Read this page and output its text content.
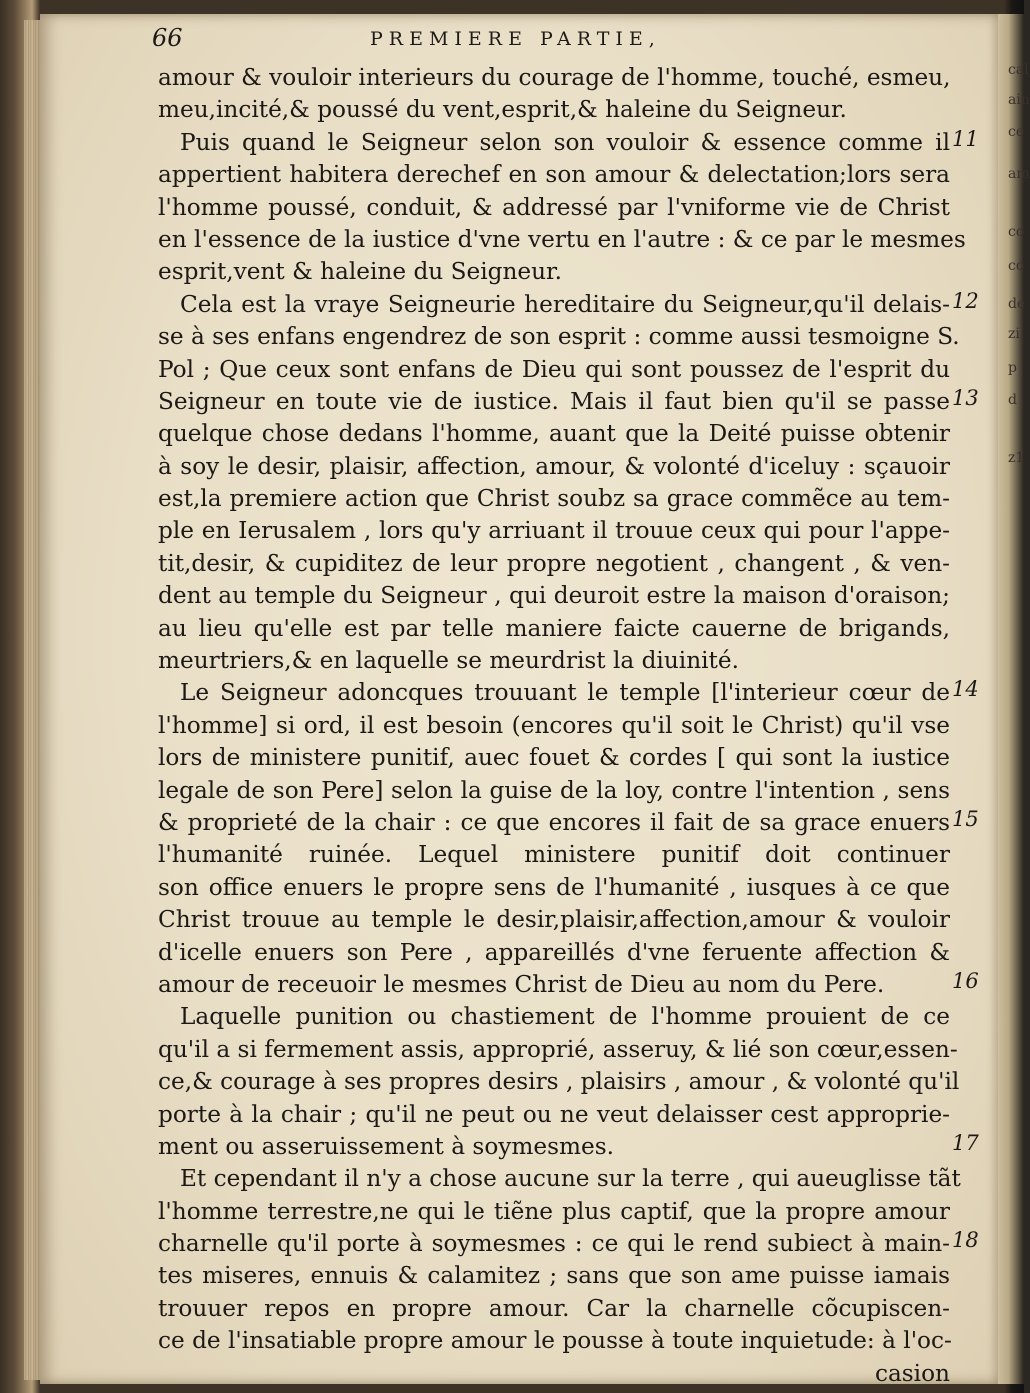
cal
ain
ce
am
co
co
de
zi
p
d
z1
66	PREMIERE PARTIE,
amour & vouloir interieurs du courage de l'homme, touché, esmeu,
meu,incité,& poussé du vent,esprit,& haleine du Seigneur.
Puis quand le Seigneur selon son vouloir & essence comme il
appertient habitera derechef en son amour & delectation;lors sera
l'homme poussé, conduit, & addressé par l'vniforme vie de Christ
en l'essence de la iustice d'vne vertu en l'autre : & ce par le mesmes
esprit,vent & haleine du Seigneur.
Cela est la vraye Seigneurie hereditaire du Seigneur,qu'il delais-
se à ses enfans engendrez de son esprit : comme aussi tesmoigne S.
Pol ; Que ceux sont enfans de Dieu qui sont poussez de l'esprit du
Seigneur en toute vie de iustice. Mais il faut bien qu'il se passe
quelque chose dedans l'homme, auant que la Deité puisse obtenir
à soy le desir, plaisir, affection, amour, & volonté d'iceluy : sçauoir
est,la premiere action que Christ soubz sa grace commẽce au tem-
ple en Ierusalem , lors qu'y arriuant il trouue ceux qui pour l'appe-
tit,desir, & cupiditez de leur propre negotient , changent , & ven-
dent au temple du Seigneur , qui deuroit estre la maison d'oraison;
au lieu qu'elle est par telle maniere faicte cauerne de brigands,
meurtriers,& en laquelle se meurdrist la diuinité.
Le Seigneur adoncques trouuant le temple [l'interieur cœur de
l'homme] si ord, il est besoin (encores qu'il soit le Christ) qu'il vse
lors de ministere punitif, auec fouet & cordes [ qui sont la iustice
legale de son Pere] selon la guise de la loy, contre l'intention , sens
& proprieté de la chair : ce que encores il fait de sa grace enuers
l'humanité ruinée. Lequel ministere punitif doit continuer
son office enuers le propre sens de l'humanité , iusques à ce que
Christ trouue au temple le desir,plaisir,affection,amour & vouloir
d'icelle enuers son Pere , appareillés d'vne feruente affection &
amour de receuoir le mesmes Christ de Dieu au nom du Pere.
Laquelle punition ou chastiement de l'homme prouient de ce
qu'il a si fermement assis, approprié, asseruy, & lié son cœur,essen-
ce,& courage à ses propres desirs , plaisirs , amour , & volonté qu'il
porte à la chair ; qu'il ne peut ou ne veut delaisser cest approprie-
ment ou asseruissement à soymesmes.
Et cependant il n'y a chose aucune sur la terre , qui aueuglisse tãt
l'homme terrestre,ne qui le tiẽne plus captif, que la propre amour
charnelle qu'il porte à soymesmes : ce qui le rend subiect à main-
tes miseres, ennuis & calamitez ; sans que son ame puisse iamais
trouuer repos en propre amour. Car la charnelle cõcupiscen-
ce de l'insatiable propre amour le pousse à toute inquietude: à l'oc-
casion
11
12
13
14
15
16
17
18
